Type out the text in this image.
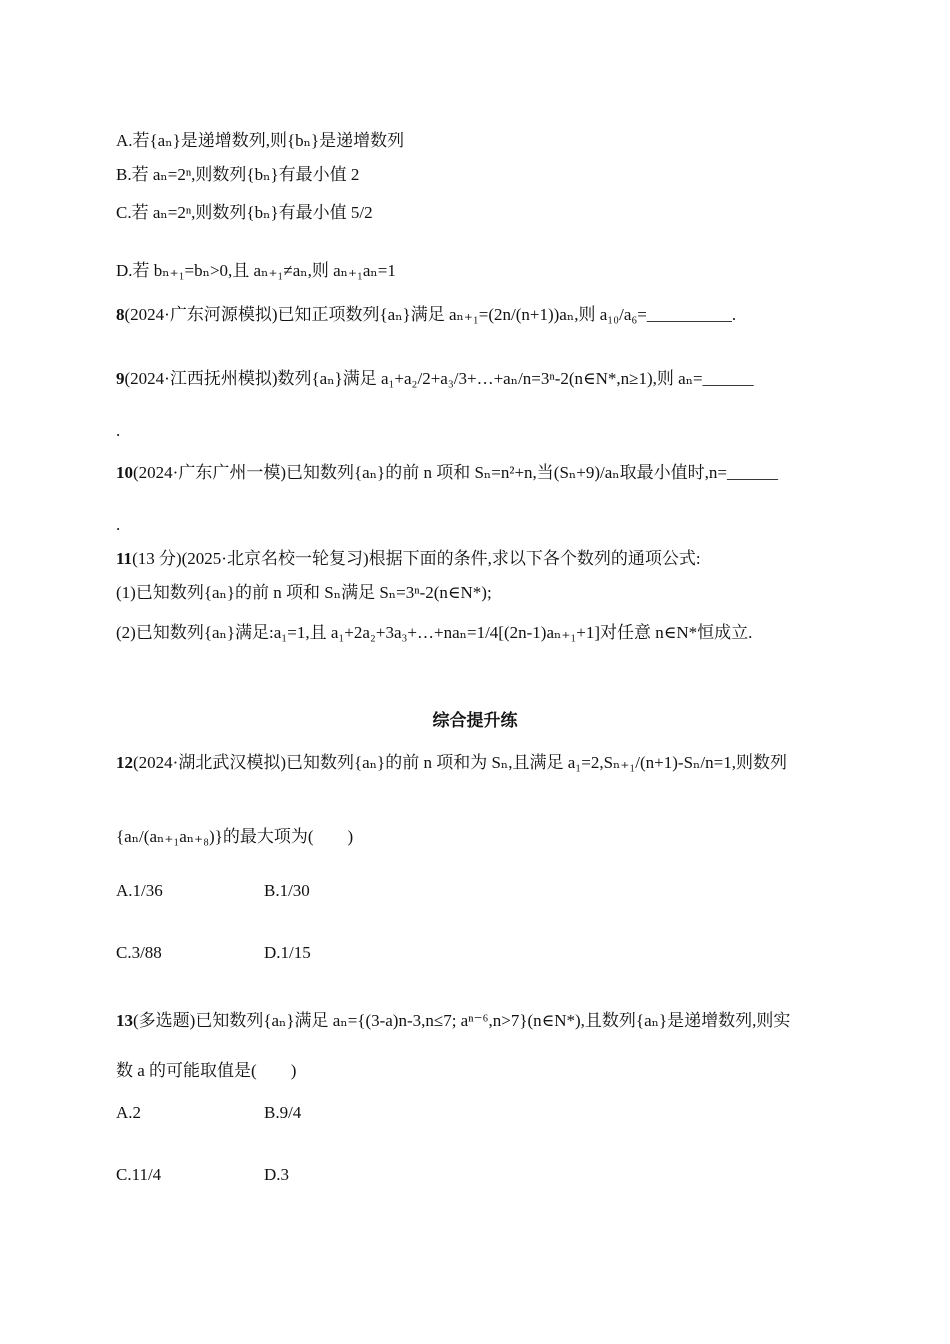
A.若{aₙ}是递增数列,则{bₙ}是递增数列
B.若 aₙ=2ⁿ,则数列{bₙ}有最小值 2
C.若 aₙ=2ⁿ,则数列{bₙ}有最小值 5/2
D.若 bₙ₊₁=bₙ>0,且 aₙ₊₁≠aₙ,则 aₙ₊₁aₙ=1
8(2024·广东河源模拟)已知正项数列{aₙ}满足 aₙ₊₁=(2n/(n+1))aₙ,则 a₁₀/a₆=__________.
9(2024·江西抚州模拟)数列{aₙ}满足 a₁+a₂/2+a₃/3+…+aₙ/n=3ⁿ-2(n∈N*,n≥1),则 aₙ=______
.
10(2024·广东广州一模)已知数列{aₙ}的前 n 项和 Sₙ=n²+n,当(Sₙ+9)/aₙ取最小值时,n=______
.
11(13 分)(2025·北京名校一轮复习)根据下面的条件,求以下各个数列的通项公式:
(1)已知数列{aₙ}的前 n 项和 Sₙ满足 Sₙ=3ⁿ-2(n∈N*);
(2)已知数列{aₙ}满足:a₁=1,且 a₁+2a₂+3a₃+…+naₙ=1/4[(2n-1)aₙ₊₁+1]对任意 n∈N*恒成立.
综合提升练
12(2024·湖北武汉模拟)已知数列{aₙ}的前 n 项和为 Sₙ,且满足 a₁=2,Sₙ₊₁/(n+1)-Sₙ/n=1,则数列
{aₙ/(aₙ₊₁aₙ₊₈)}的最大项为(　　)
A.1/36	B.1/30
C.3/88	D.1/15
13(多选题)已知数列{aₙ}满足 aₙ={(3-a)n-3,n≤7; aⁿ⁻⁶,n>7}(n∈N*),且数列{aₙ}是递增数列,则实
数 a 的可能取值是(　　)
A.2	B.9/4
C.11/4	D.3
